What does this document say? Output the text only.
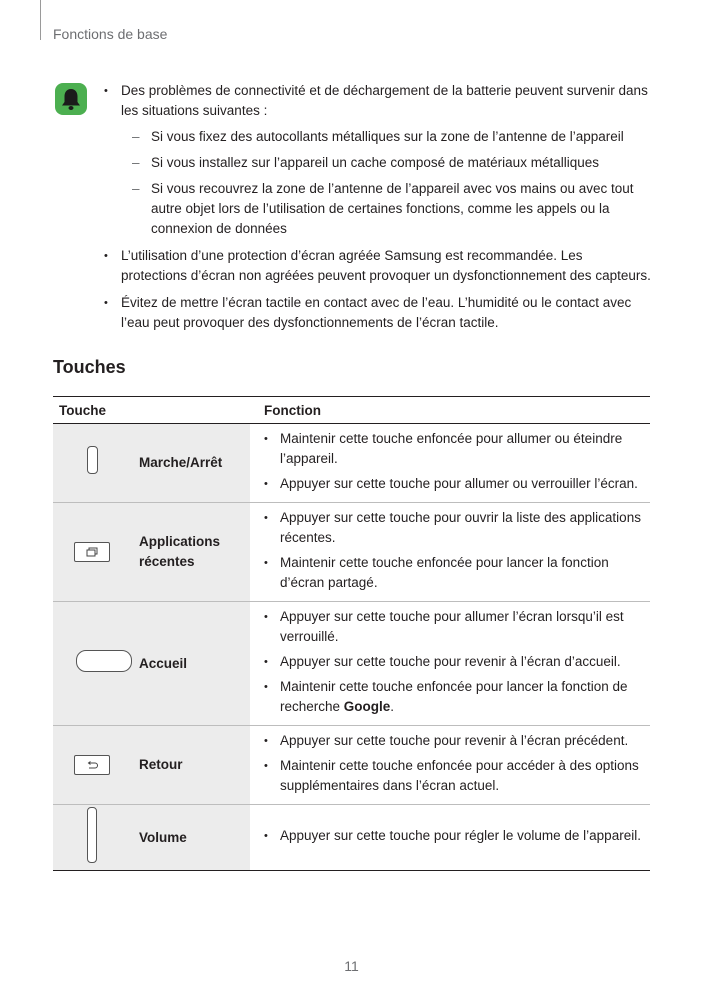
Fonctions de base
• Des problèmes de connectivité et de déchargement de la batterie peuvent survenir dans les situations suivantes :
– Si vous fixez des autocollants métalliques sur la zone de l’antenne de l’appareil
– Si vous installez sur l’appareil un cache composé de matériaux métalliques
– Si vous recouvrez la zone de l’antenne de l’appareil avec vos mains ou avec tout autre objet lors de l’utilisation de certaines fonctions, comme les appels ou la connexion de données
• L’utilisation d’une protection d’écran agréée Samsung est recommandée. Les protections d’écran non agréées peuvent provoquer un dysfonctionnement des capteurs.
• Évitez de mettre l’écran tactile en contact avec de l’eau. L’humidité ou le contact avec l’eau peut provoquer des dysfonctionnements de l’écran tactile.
Touches
Touche		Fonction
	Marche/Arrêt	• Maintenir cette touche enfoncée pour allumer ou éteindre l’appareil.
• Appuyer sur cette touche pour allumer ou verrouiller l’écran.

	Applications récentes	• Appuyer sur cette touche pour ouvrir la liste des applications récentes.
• Maintenir cette touche enfoncée pour lancer la fonction d’écran partagé.

	Accueil	• Appuyer sur cette touche pour allumer l’écran lorsqu’il est verrouillé.
• Appuyer sur cette touche pour revenir à l’écran d’accueil.
• Maintenir cette touche enfoncée pour lancer la fonction de recherche Google.

	Retour	• Appuyer sur cette touche pour revenir à l’écran précédent.
• Maintenir cette touche enfoncée pour accéder à des options supplémentaires dans l’écran actuel.

	Volume	• Appuyer sur cette touche pour régler le volume de l’appareil.
11
